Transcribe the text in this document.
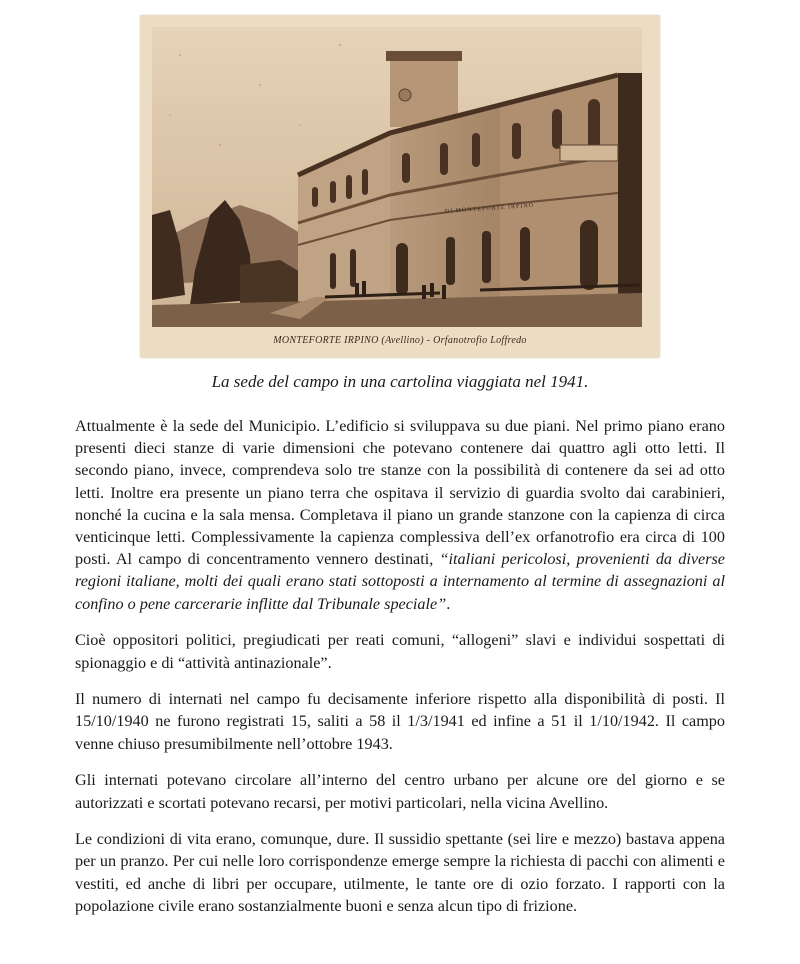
DI MONTEFORTE IRPINO
MONTEFORTE IRPINO (Avellino) - Orfanotrofio Loffredo
La sede del campo in una cartolina viaggiata nel 1941.

Attualmente è la sede del Municipio. L’edificio si sviluppava su due piani. Nel primo piano erano presenti dieci stanze di varie dimensioni che potevano contenere dai quattro agli otto letti. Il secondo piano, invece, comprendeva solo tre stanze con la possibilità di contenere da sei ad otto letti. Inoltre era presente un piano terra che ospitava il servizio di guardia svolto dai carabinieri, nonché la cucina e la sala mensa. Completava il piano un grande stanzone con la capienza di circa venticinque letti. Complessivamente la capienza complessiva dell’ex orfanotrofio era circa di 100 posti. Al campo di concentramento vennero destinati, “italiani pericolosi, provenienti da diverse regioni italiane, molti dei quali erano stati sottoposti a internamento al termine di assegnazioni al confino o pene carcerarie inflitte dal Tribunale speciale”.

Cioè oppositori politici, pregiudicati per reati comuni, “allogeni” slavi e individui sospettati di spionaggio e di “attività antinazionale”.

Il numero di internati nel campo fu decisamente inferiore rispetto alla disponibilità di posti. Il 15/10/1940 ne furono registrati 15, saliti a 58 il 1/3/1941 ed infine a 51 il 1/10/1942. Il campo venne chiuso presumibilmente nell’ottobre 1943.

Gli internati potevano circolare all’interno del centro urbano per alcune ore del giorno e se autorizzati e scortati potevano recarsi, per motivi particolari, nella vicina Avellino.

Le condizioni di vita erano, comunque, dure. Il sussidio spettante (sei lire e mezzo) bastava appena per un pranzo. Per cui nelle loro corrispondenze emerge sempre la richiesta di pacchi con alimenti e vestiti, ed anche di libri per occupare, utilmente, le tante ore di ozio forzato. I rapporti con la popolazione civile erano sostanzialmente buoni e senza alcun tipo di frizione.
